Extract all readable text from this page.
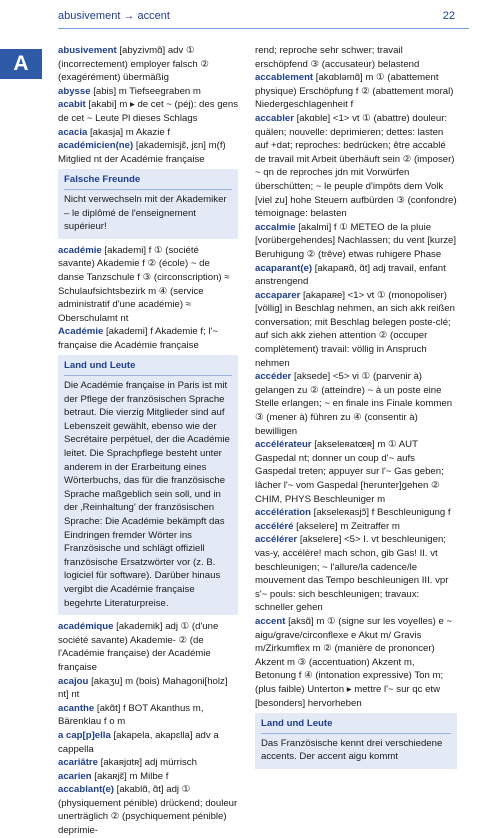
abusivement → accent	22
A
abusivement [abyzivmɑ̃] adv ① (incorrectement) employer falsch ② (exagérément) übermäßig
abysse [abis] m Tiefseegraben m
acabit [akabi] m ▸ de cet ~ (péj): des gens de cet ~ Leute Pl dieses Schlags
acacia [akasja] m Akazie f
académicien(ne) [akademisjɛ̃, jɛn] m(f) Mitglied nt der Académie française
Falsche Freunde
Nicht verwechseln mit der Akademiker – le diplômé de l'enseignement supérieur!
académie [akademi] f ① (société savante) Akademie f ② (école) ~ de danse Tanzschule f ③ (circonscription) ≈ Schulaufsichtsbezirk m ④ (service administratif d'une académie) ≈ Oberschulamt nt
Académie [akademi] f Akademie f; l'~ française die Académie française
Land und Leute
Die Académie française in Paris ist mit der Pflege der französischen Sprache betraut. Die vierzig Mitglieder sind auf Lebenszeit gewählt, ebenso wie der Secrétaire perpétuel, der die Académie leitet. Die Sprachpflege besteht unter anderem in der Erarbeitung eines Wörterbuchs, das für die französische Sprache maßgeblich sein soll, und in der ‚Reinhaltung' der französischen Sprache: Die Académie bekämpft das Eindringen fremder Wörter ins Französische und schlägt offiziell französische Ersatzwörter vor (z. B. logiciel für software). Darüber hinaus vergibt die Académie française begehrte Literaturpreise.
académique [akademik] adj ① (d'une société savante) Akademie- ② (de l'Académie française) der Académie française
acajou [akaʒu] m (bois) Mahagoni[holz] nt] nt
acanthe [akɑ̃t] f BOT Akanthus m, Bärenklau f o m
a cap[p]ella [akapela, akapɛlla] adv a cappella
acariâtre [akaʀjɑtʀ] adj mürrisch
acarien [akaʀjɛ̃] m Milbe f
accablant(e) [akablɑ̃, ɑ̃t] adj ① (physiquement pénible) drückend; douleur unerträglich ② (psychiquement pénible) deprimie-
rend; reproche sehr schwer; travail erschöpfend ③ (accusateur) belastend
accablement [akɑbləmɑ̃] m ① (abattement physique) Erschöpfung f ② (abattement moral) Niedergeschlagenheit f
accabler [akɑble] <1> vt ① (abattre) douleur: quälen; nouvelle: deprimieren; dettes: lasten auf +dat; reproches: bedrücken; être accablé de travail mit Arbeit überhäuft sein ② (imposer) ~ qn de reproches jdn mit Vorwürfen überschütten; ~ le peuple d'impôts dem Volk [viel zu] hohe Steuern aufbürden ③ (confondre) témoignage: belasten
accalmie [akalmi] f ① METEO de la pluie [vorübergehendes] Nachlassen; du vent [kurze] Beruhigung ② (trêve) etwas ruhigere Phase
acaparant(e) [akapaʀɑ̃, ɑ̃t] adj travail, enfant anstrengend
accaparer [akapaʀe] <1> vt ① (monopoliser) [völlig] in Beschlag nehmen, an sich akk reißen conversation; mit Beschlag belegen poste-clé; auf sich akk ziehen attention ② (occuper complètement) travail: völlig in Anspruch nehmen
accéder [aksede] <5> vi ① (parvenir à) gelangen zu ② (atteindre) ~ à un poste eine Stelle erlangen; ~ en finale ins Finale kommen ③ (mener à) führen zu ④ (consentir à) bewilligen
accélérateur [akseleʀatœʀ] m ① AUT Gaspedal nt; donner un coup d'~ aufs Gaspedal treten; appuyer sur l'~ Gas geben; lâcher l'~ vom Gaspedal [herunter]gehen ② CHIM, PHYS Beschleuniger m
accélération [akseleʀasjɔ̃] f Beschleunigung f
accéléré [akselere] m Zeitraffer m
accélérer [akselere] <5> I. vt beschleunigen; vas-y, accélère! mach schon, gib Gas! II. vt beschleunigen; ~ l'allure/la cadence/le mouvement das Tempo beschleunigen III. vpr s'~ pouls: sich beschleunigen; travaux: schneller gehen
accent [aksɑ̃] m ① (signe sur les voyelles) e ~ aigu/grave/circonflexe e Akut m/ Gravis m/Zirkumflex m ② (manière de prononcer) Akzent m ③ (accentuation) Akzent m, Betonung f ④ (intonation expressive) Ton m; (plus faible) Unterton ▸ mettre l'~ sur qc etw [besonders] hervorheben
Land und Leute
Das Französische kennt drei verschiedene accents. Der accent aigu kommt
